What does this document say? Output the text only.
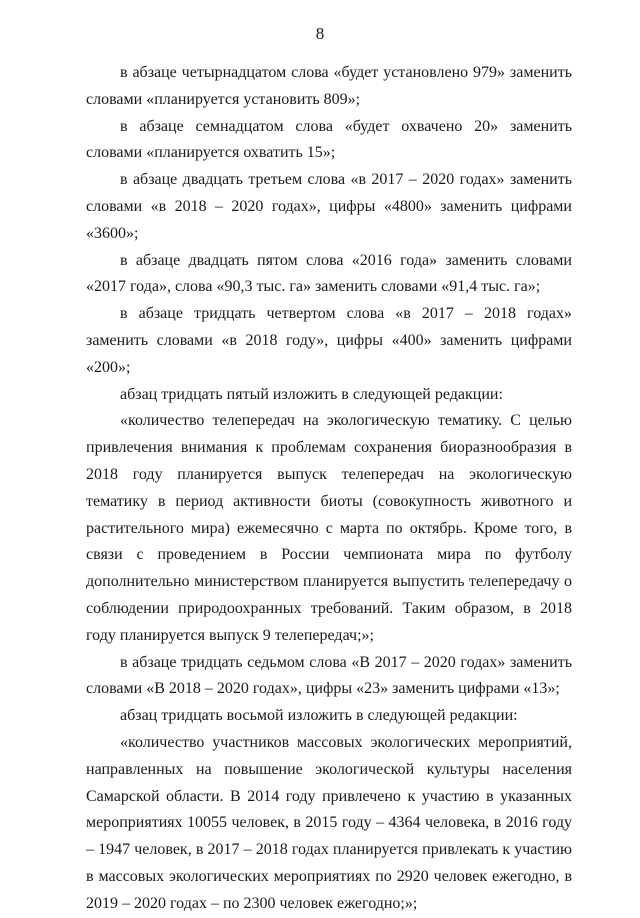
8

в абзаце четырнадцатом слова «будет установлено 979» заменить словами «планируется установить 809»;

в абзаце семнадцатом слова «будет охвачено 20» заменить словами «планируется охватить 15»;

в абзаце двадцать третьем слова «в 2017 – 2020 годах» заменить словами «в 2018 – 2020 годах», цифры «4800» заменить цифрами «3600»;

в абзаце двадцать пятом слова «2016 года» заменить словами «2017 года», слова «90,3 тыс. га» заменить словами «91,4 тыс. га»;

в абзаце тридцать четвертом слова «в 2017 – 2018 годах» заменить словами «в 2018 году», цифры «400» заменить цифрами «200»;

абзац тридцать пятый изложить в следующей редакции:

«количество телепередач на экологическую тематику. С целью привлечения внимания к проблемам сохранения биоразнообразия в 2018 году планируется выпуск телепередач на экологическую тематику в период активности биоты (совокупность животного и растительного мира) ежемесячно с марта по октябрь. Кроме того, в связи с проведением в России чемпионата мира по футболу дополнительно министерством планируется выпустить телепередачу о соблюдении природоохранных требований. Таким образом, в 2018 году планируется выпуск 9 телепередач;»;

в абзаце тридцать седьмом слова «В 2017 – 2020 годах» заменить словами «В 2018 – 2020 годах», цифры «23» заменить цифрами «13»;

абзац тридцать восьмой изложить в следующей редакции:

«количество участников массовых экологических мероприятий, направленных на повышение экологической культуры населения Самарской области. В 2014 году привлечено к участию в указанных мероприятиях 10055 человек, в 2015 году – 4364 человека, в 2016 году – 1947 человек, в 2017 – 2018 годах планируется привлекать к участию в массовых экологических мероприятиях по 2920 человек ежегодно, в 2019 – 2020 годах – по 2300 человек ежегодно;»;
